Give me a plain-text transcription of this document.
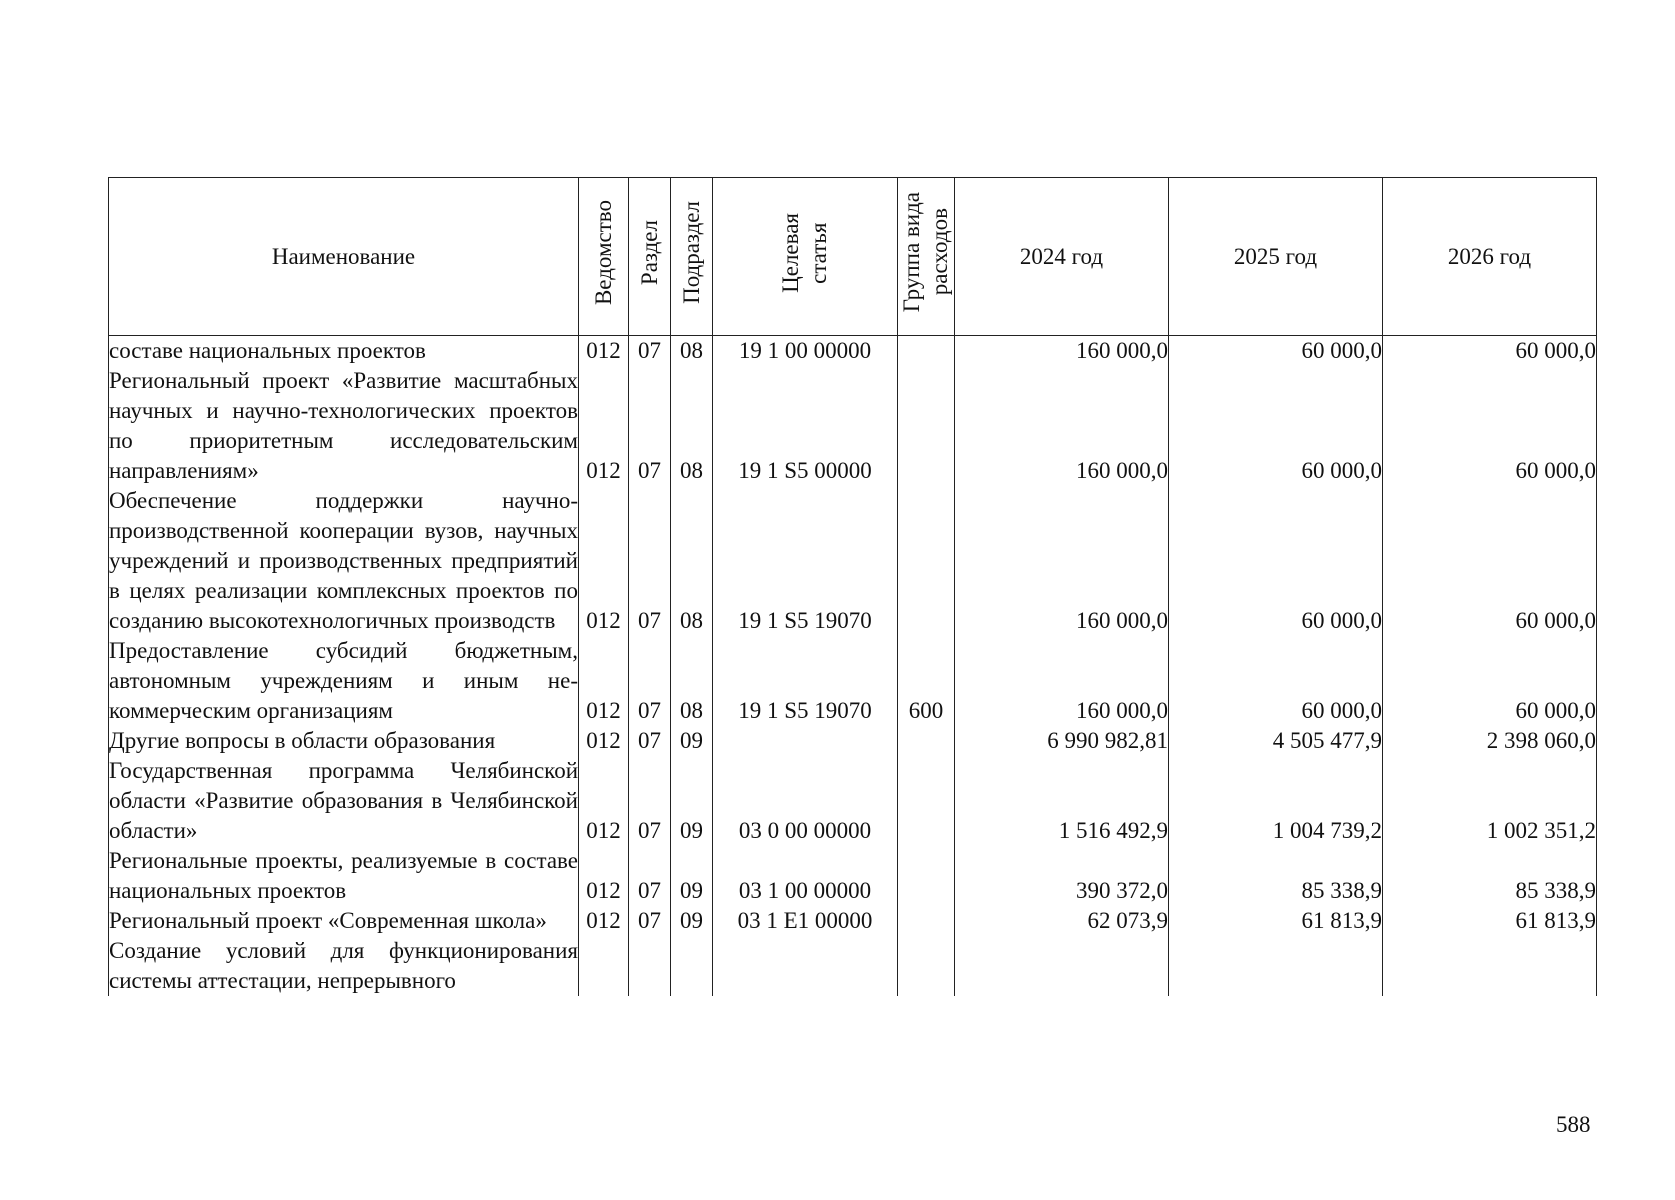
Наименование	Ведомство	Раздел	Подраздел	Целевая статья	Группа вида расходов	2024 год	2025 год	2026 год
составе национальных проектов	012	07	08	19 1 00 00000		160 000,0	60 000,0	60 000,0
Региональный проект «Развитие масштабных научных и научно-технологических проектов по приоритетным исследовательским направлениям»	012	07	08	19 1 S5 00000		160 000,0	60 000,0	60 000,0
Обеспечение поддержки научно-производственной кооперации вузов, научных учреждений и производственных предприятий в целях реализации комплексных проектов по созданию высокотехнологичных производств	012	07	08	19 1 S5 19070		160 000,0	60 000,0	60 000,0
Предоставление субсидий бюджетным, автономным учреждениям и иным некоммерческим организациям	012	07	08	19 1 S5 19070	600	160 000,0	60 000,0	60 000,0
Другие вопросы в области образования	012	07	09			6 990 982,81	4 505 477,9	2 398 060,0
Государственная программа Челябинской области «Развитие образования в Челябинской области»	012	07	09	03 0 00 00000		1 516 492,9	1 004 739,2	1 002 351,2
Региональные проекты, реализуемые в составе национальных проектов	012	07	09	03 1 00 00000		390 372,0	85 338,9	85 338,9
Региональный проект «Современная школа»	012	07	09	03 1 E1 00000		62 073,9	61 813,9	61 813,9
Создание условий для функционирования системы аттестации, непрерывного								
588
